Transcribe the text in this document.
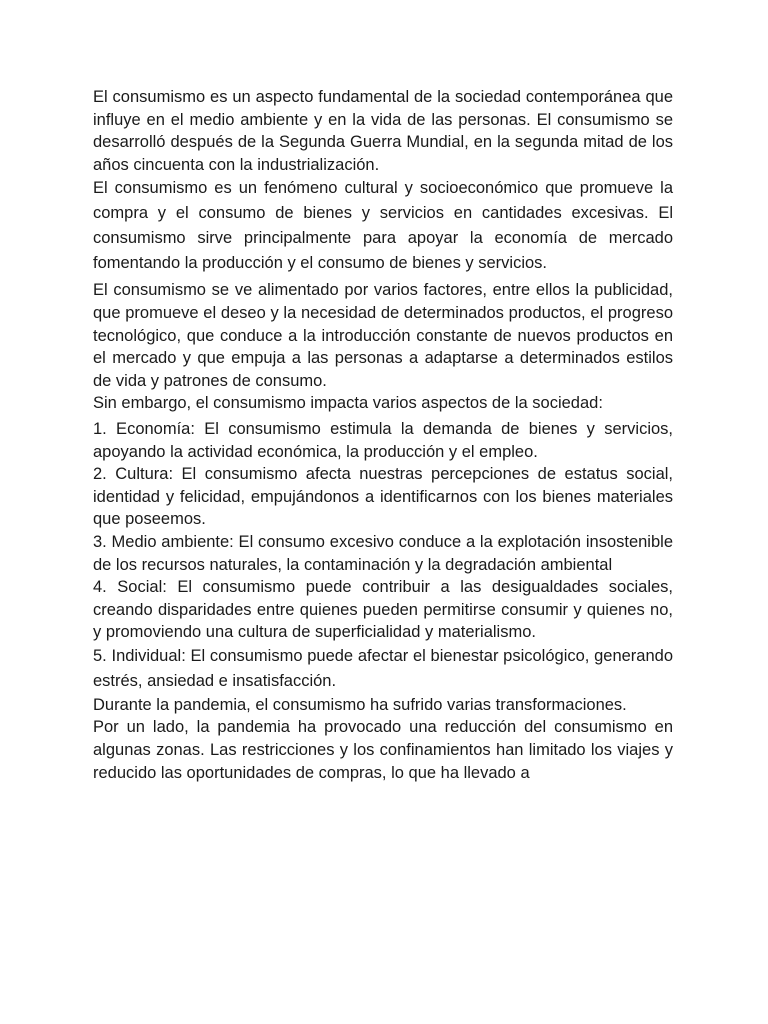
El consumismo es un aspecto fundamental de la sociedad contemporánea que influye en el medio ambiente y en la vida de las personas. El consumismo se desarrolló después de la Segunda Guerra Mundial, en la segunda mitad de los años cincuenta con la industrialización.

El consumismo es un fenómeno cultural y socioeconómico que promueve la compra y el consumo de bienes y servicios en cantidades excesivas. El consumismo sirve principalmente para apoyar la economía de mercado fomentando la producción y el consumo de bienes y servicios.

El consumismo se ve alimentado por varios factores, entre ellos la publicidad, que promueve el deseo y la necesidad de determinados productos, el progreso tecnológico, que conduce a la introducción constante de nuevos productos en el mercado y que empuja a las personas a adaptarse a determinados estilos de vida y patrones de consumo.

Sin embargo, el consumismo impacta varios aspectos de la sociedad:

1. Economía: El consumismo estimula la demanda de bienes y servicios, apoyando la actividad económica, la producción y el empleo.

2. Cultura: El consumismo afecta nuestras percepciones de estatus social, identidad y felicidad, empujándonos a identificarnos con los bienes materiales que poseemos.

3. Medio ambiente: El consumo excesivo conduce a la explotación insostenible de los recursos naturales, la contaminación y la degradación ambiental

4. Social: El consumismo puede contribuir a las desigualdades sociales, creando disparidades entre quienes pueden permitirse consumir y quienes no, y promoviendo una cultura de superficialidad y materialismo.

5. Individual: El consumismo puede afectar el bienestar psicológico, generando estrés, ansiedad e insatisfacción.

Durante la pandemia, el consumismo ha sufrido varias transformaciones.

Por un lado, la pandemia ha provocado una reducción del consumismo en algunas zonas. Las restricciones y los confinamientos han limitado los viajes y reducido las oportunidades de compras, lo que ha llevado a
